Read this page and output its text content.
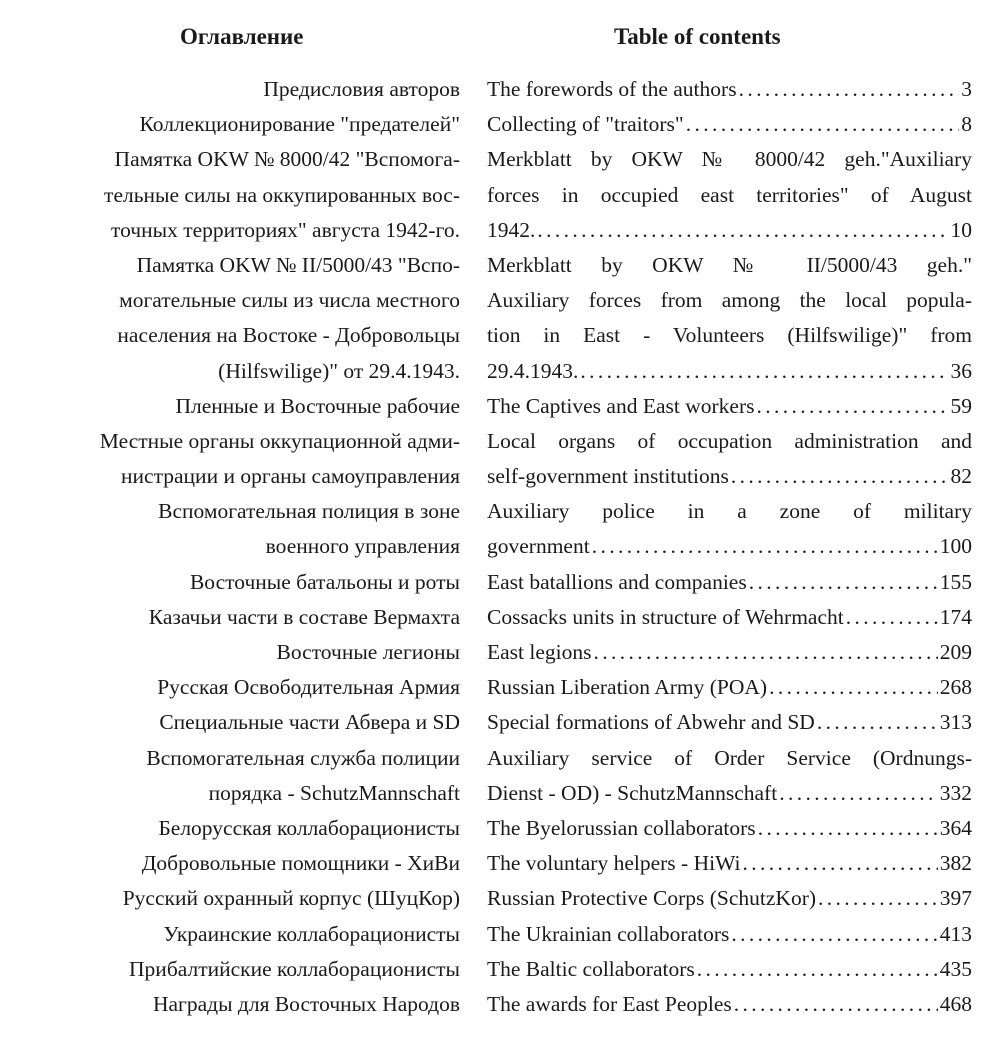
Оглавление	Table of contents
Предисловия авторов The forewords of the authors . . .	3
Коллекционирование "предателей" Collecting of "traitors" . . .	8
Памятка OKW № 8000/42 "Вспомога-
тельные силы на оккупированных вос-
точных территориях" августа 1942-го.
Merkblatt by OKW № 8000/42 geh."Auxiliary
forces in occupied east territories" of August
1942. . . .	10
Памятка OKW № II/5000/43 "Вспо-
могательные силы из числа местного
населения на Востоке - Добровольцы
(Hilfswilige)" от 29.4.1943.
Merkblatt by OKW № II/5000/43 geh."
Auxiliary forces from among the local popula-
tion in East - Volunteers (Hilfswilige)" from
29.4.1943. . . .	36
Пленные и Восточные рабочие The Captives and East workers . . .	59
Местные органы оккупационной адми-
нистрации и органы самоуправления
Local organs of occupation administration and
self-government institutions . . .	82
Вспомогательная полиция в зоне
военного управления
Auxiliary police in a zone of military
government . . .	100
Восточные батальоны и роты East batallions and companies . . .	155
Казачьи части в составе Вермахта Cossacks units in structure of Wehrmacht . . .	174
Восточные легионы East legions . . .	209
Русская Освободительная Армия Russian Liberation Army (POA) . . .	268
Специальные части Абвера и SD Special formations of Abwehr and SD . . .	313
Вспомогательная служба полиции
порядка - SchutzMannschaft
Auxiliary service of Order Service (Ordnungs-
Dienst - OD) - SchutzMannschaft . . .	332
Белорусская коллаборационисты The Byelorussian collaborators . . .	364
Добровольные помощники - ХиВи The voluntary helpers - HiWi . . .	382
Русский охранный корпус (ШуцКор) Russian Protective Corps (SchutzKor) . . .	397
Украинские коллаборационисты The Ukrainian collaborators . . .	413
Прибалтийские коллаборационисты The Baltic collaborators . . .	435
Награды для Восточных Народов The awards for East Peoples . . .	468
